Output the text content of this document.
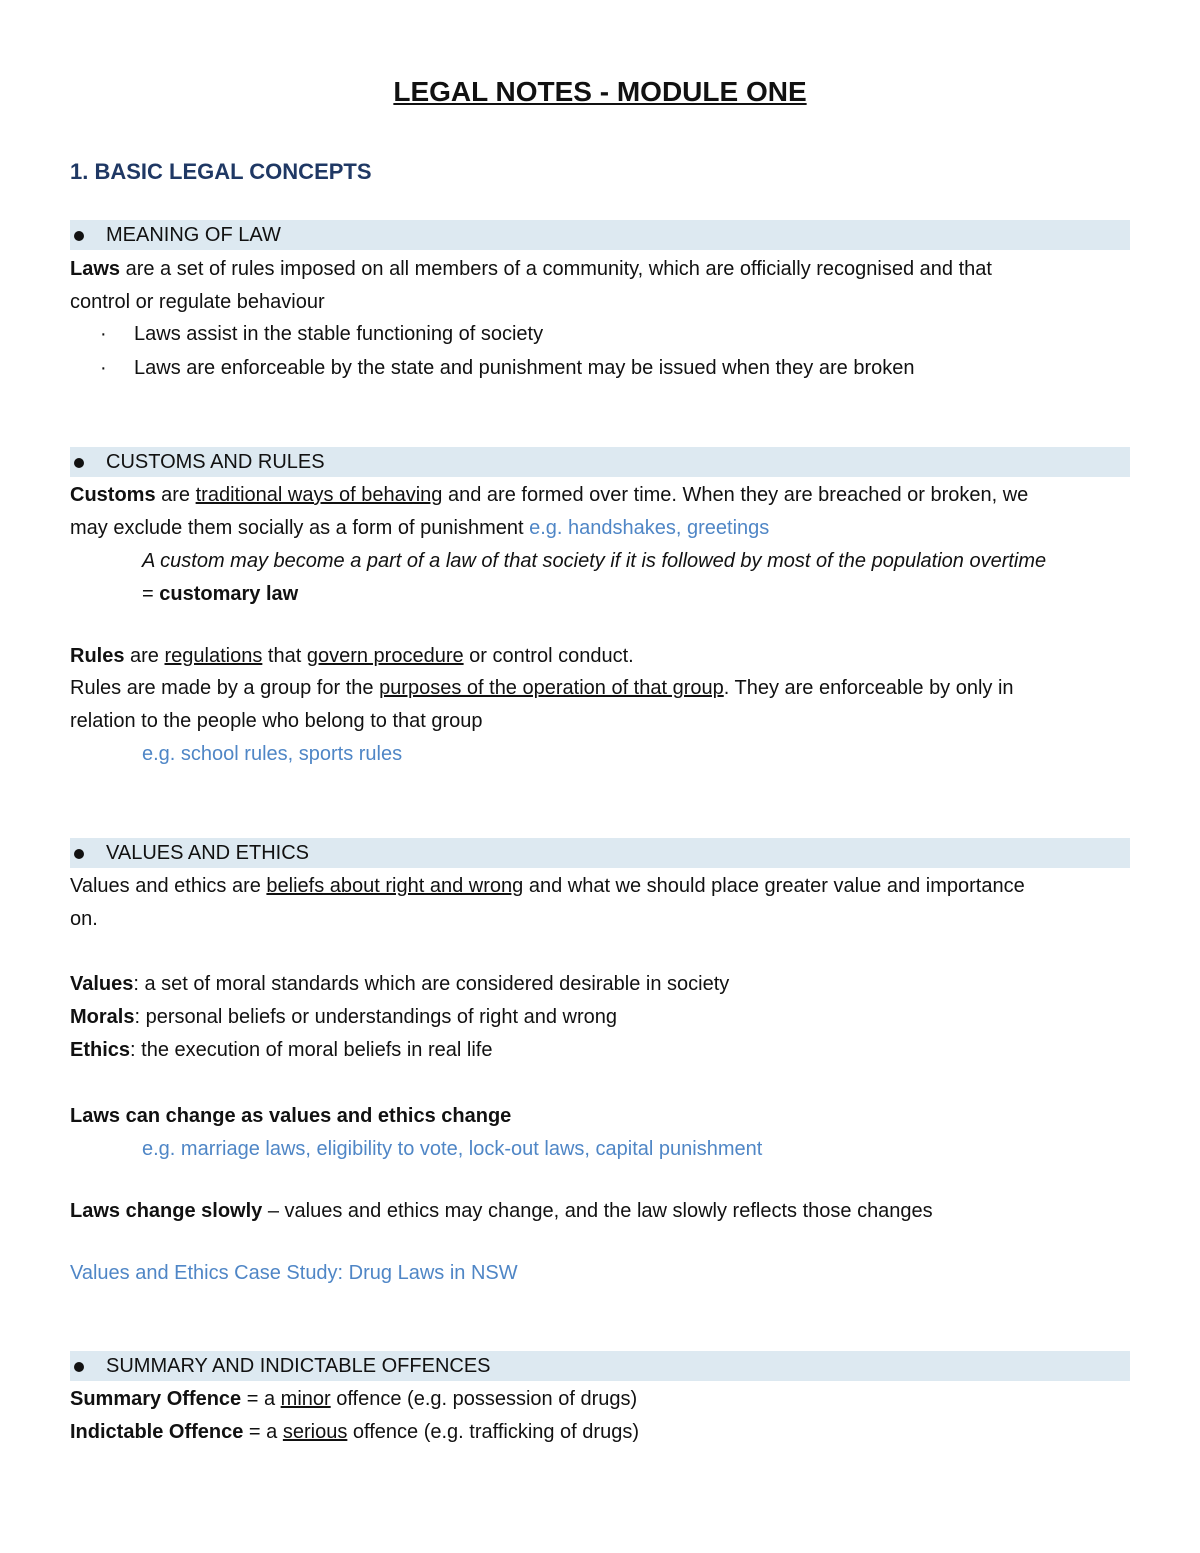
LEGAL NOTES - MODULE ONE
1. BASIC LEGAL CONCEPTS
MEANING OF LAW
Laws are a set of rules imposed on all members of a community, which are officially recognised and that
control or regulate behaviour
· Laws assist in the stable functioning of society
· Laws are enforceable by the state and punishment may be issued when they are broken
CUSTOMS AND RULES
Customs are traditional ways of behaving and are formed over time. When they are breached or broken, we
may exclude them socially as a form of punishment e.g. handshakes, greetings
A custom may become a part of a law of that society if it is followed by most of the population overtime
= customary law
Rules are regulations that govern procedure or control conduct.
Rules are made by a group for the purposes of the operation of that group. They are enforceable by only in
relation to the people who belong to that group
e.g. school rules, sports rules
VALUES AND ETHICS
Values and ethics are beliefs about right and wrong and what we should place greater value and importance
on.
Values: a set of moral standards which are considered desirable in society
Morals: personal beliefs or understandings of right and wrong
Ethics: the execution of moral beliefs in real life
Laws can change as values and ethics change
e.g. marriage laws, eligibility to vote, lock-out laws, capital punishment
Laws change slowly – values and ethics may change, and the law slowly reflects those changes
Values and Ethics Case Study: Drug Laws in NSW
SUMMARY AND INDICTABLE OFFENCES
Summary Offence = a minor offence (e.g. possession of drugs)
Indictable Offence = a serious offence (e.g. trafficking of drugs)
